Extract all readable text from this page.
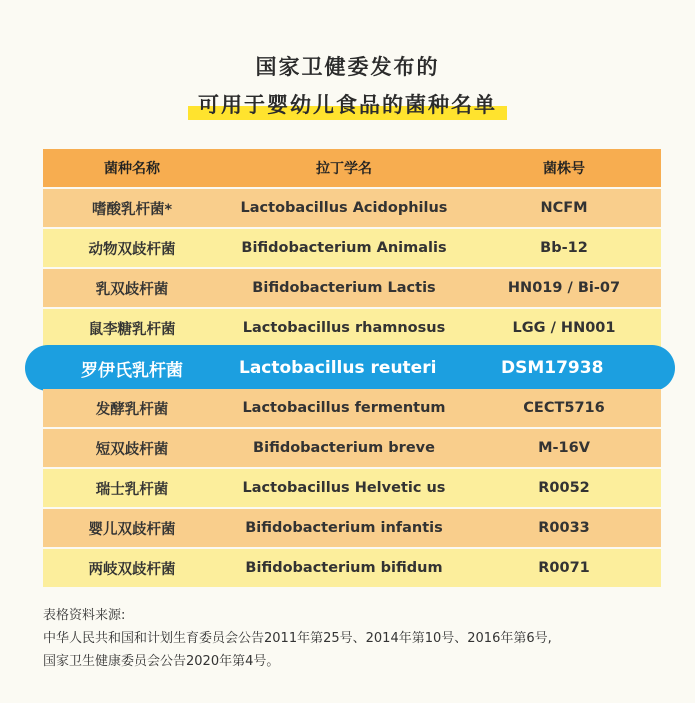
国家卫健委发布的
可用于婴幼儿食品的菌种名单
菌种名称	拉丁学名	菌株号
嗜酸乳杆菌*	Lactobacillus Acidophilus	NCFM
动物双歧杆菌	Bifidobacterium Animalis	Bb-12
乳双歧杆菌	Bifidobacterium Lactis	HN019 / Bi-07
鼠李糖乳杆菌	Lactobacillus rhamnosus	LGG / HN001
罗伊氏乳杆菌	Lactobacillus reuteri	DSM17938
发酵乳杆菌	Lactobacillus fermentum	CECT5716
短双歧杆菌	Bifidobacterium breve	M-16V
瑞士乳杆菌	Lactobacillus Helvetic us	R0052
婴儿双歧杆菌	Bifidobacterium infantis	R0033
两岐双歧杆菌	Bifidobacterium bifidum	R0071
表格资料来源:
中华人民共和国和计划生育委员会公告2011年第25号、2014年第10号、2016年第6号,
国家卫生健康委员会公告2020年第4号。
